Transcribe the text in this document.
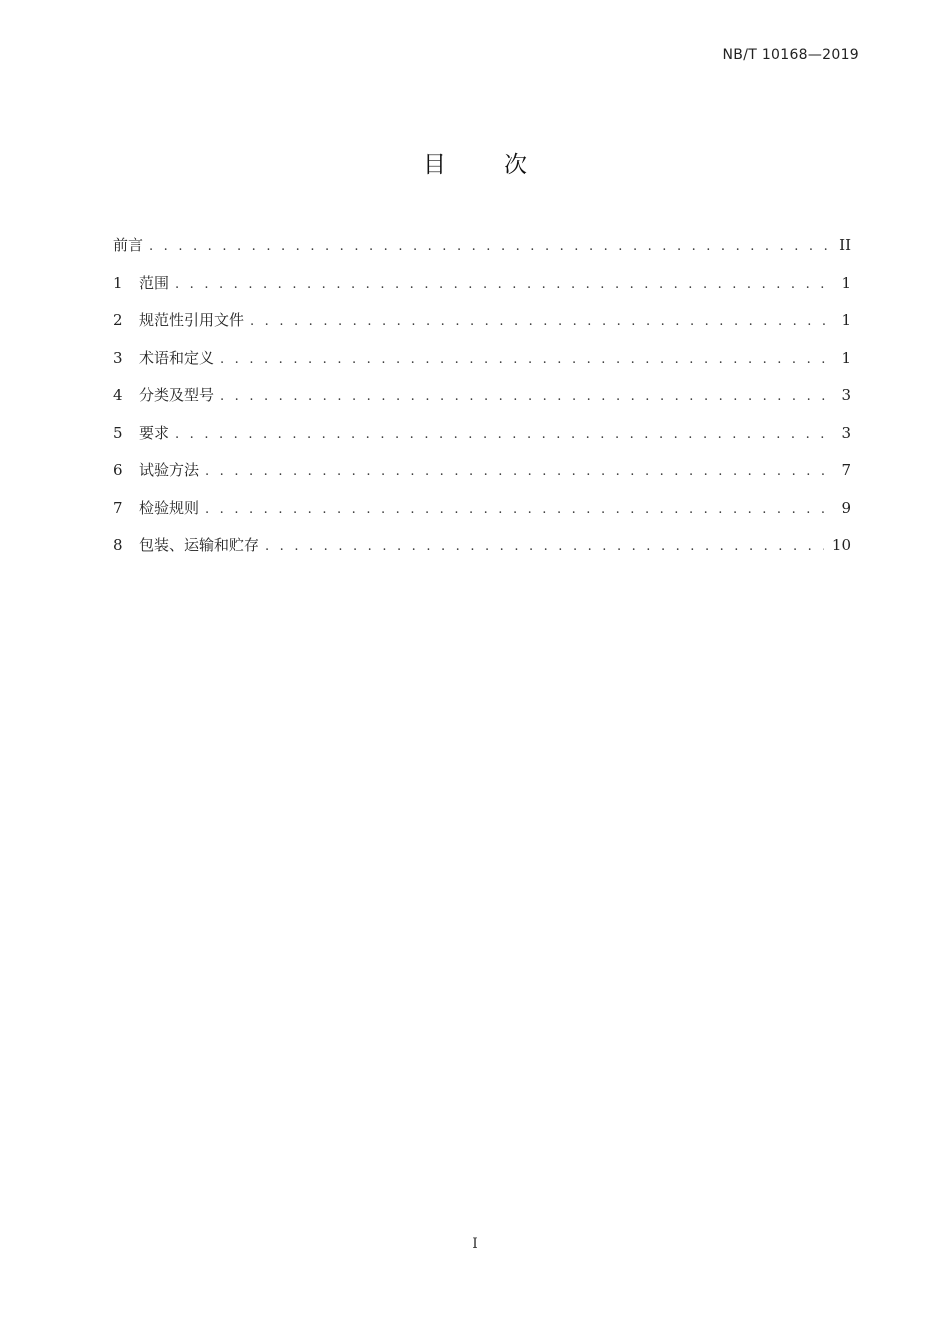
NB/T 10168—2019
目	次
前言 . . .	II
1	范围 . . .	1
2	规范性引用文件 . . .	1
3	术语和定义 . . .	1
4	分类及型号 . . .	3
5	要求 . . .	3
6	试验方法 . . .	7
7	检验规则 . . .	9
8	包装、运输和贮存 . . .	10
I
